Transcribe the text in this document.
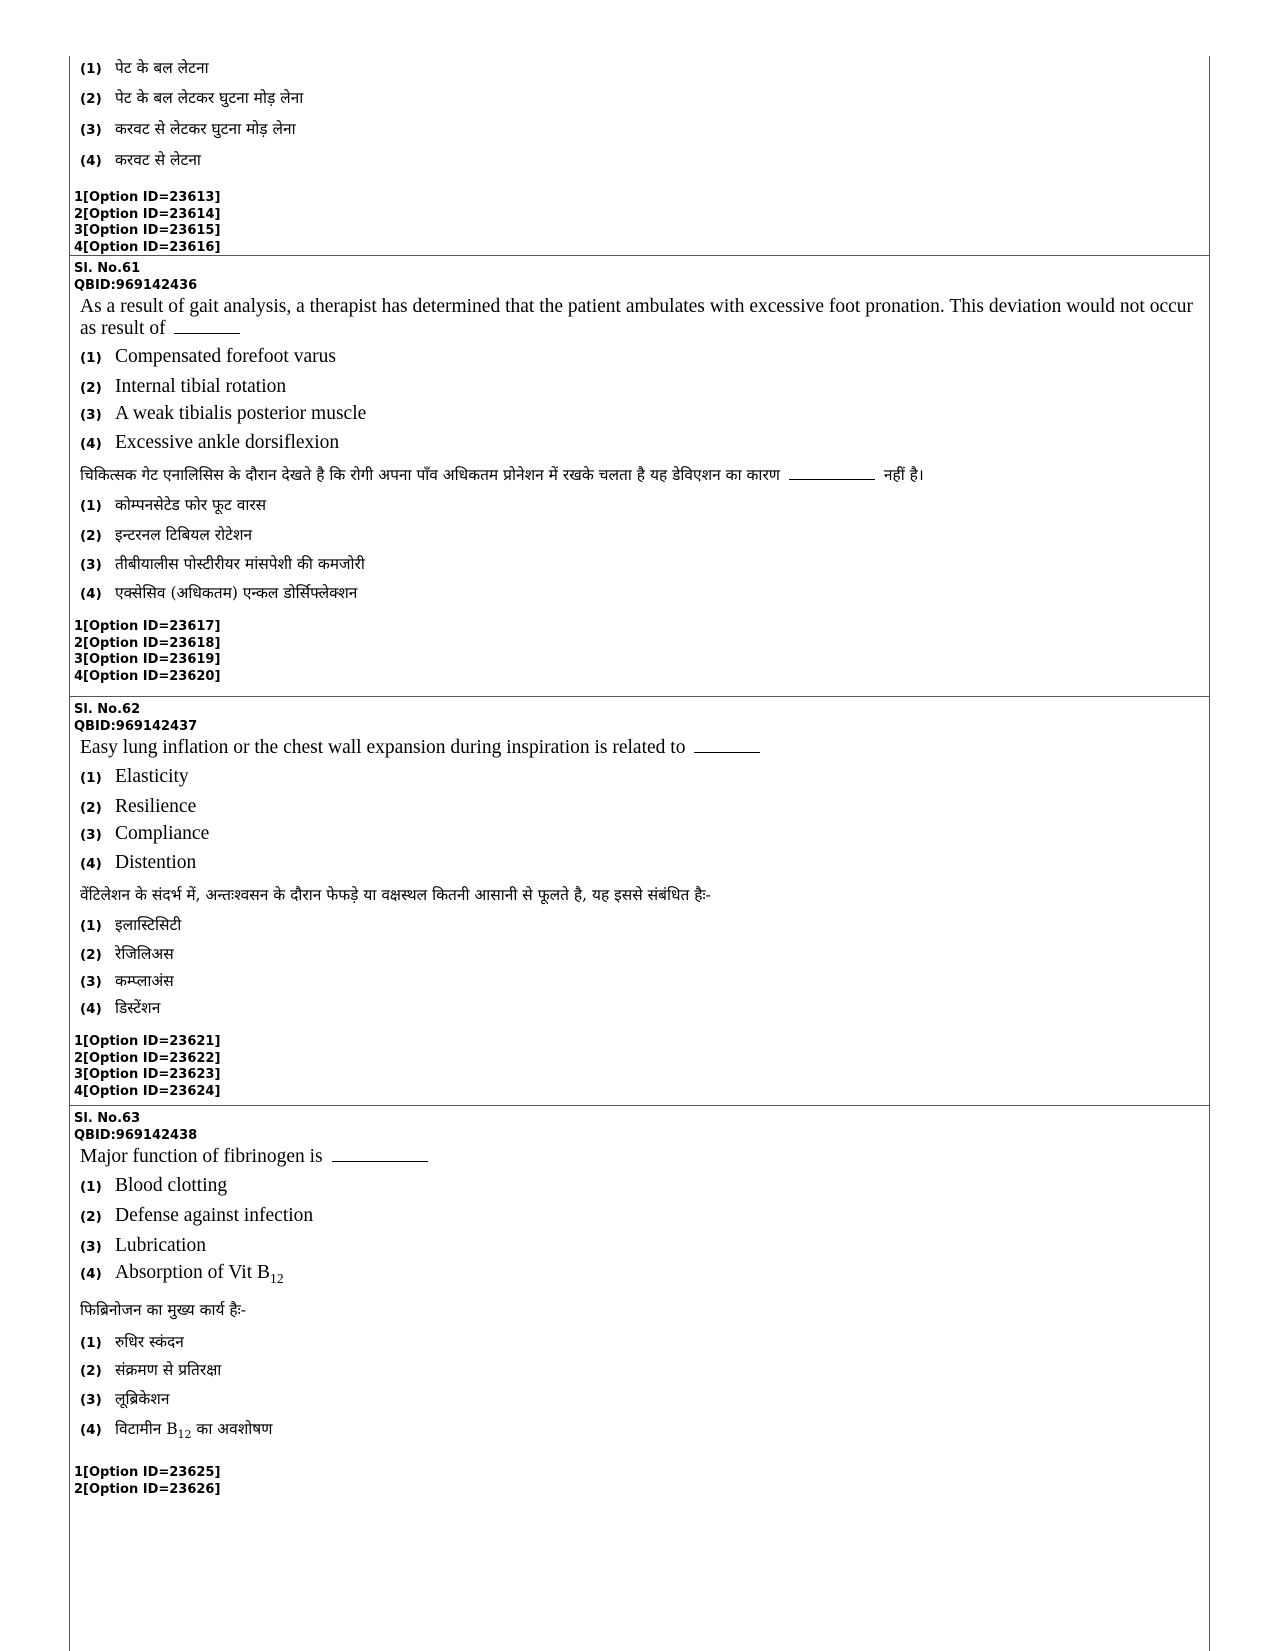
(1) पेट के बल लेटना
(2) पेट के बल लेटकर घुटना मोड़ लेना
(3) करवट से लेटकर घुटना मोड़ लेना
(4) करवट से लेटना
1[Option ID=23613]
2[Option ID=23614]
3[Option ID=23615]
4[Option ID=23616]
Sl. No.61
QBID:969142436
As a result of gait analysis, a therapist has determined that the patient ambulates with excessive foot pronation. This deviation would not occur as result of
(1) Compensated forefoot varus
(2) Internal tibial rotation
(3) A weak tibialis posterior muscle
(4) Excessive ankle dorsiflexion
चिकित्सक गेट एनालिसिस के दौरान देखते है कि रोगी अपना पाँव अधिकतम प्रोनेशन में रखके चलता है यह डेविएशन का कारण	नहीं है।
(1) कोम्पनसेटेड फोर फूट वारस
(2) इन्टरनल टिबियल रोटेशन
(3) तीबीयालीस पोस्टीरीयर मांसपेशी की कमजोरी
(4) एक्सेसिव (अधिकतम) एन्कल डोर्सिफ्लेक्शन
1[Option ID=23617]
2[Option ID=23618]
3[Option ID=23619]
4[Option ID=23620]
Sl. No.62
QBID:969142437
Easy lung inflation or the chest wall expansion during inspiration is related to
(1) Elasticity
(2) Resilience
(3) Compliance
(4) Distention
वेंटिलेशन के संदर्भ में, अन्तःश्वसन के दौरान फेफड़े या वक्षस्थल कितनी आसानी से फूलते है, यह इससे संबंधित हैः-
(1) इलास्टिसिटी
(2) रेजिलिअस
(3) कम्प्लाअंस
(4) डिस्टेंशन
1[Option ID=23621]
2[Option ID=23622]
3[Option ID=23623]
4[Option ID=23624]
Sl. No.63
QBID:969142438
Major function of fibrinogen is
(1) Blood clotting
(2) Defense against infection
(3) Lubrication
(4) Absorption of Vit $B_{12}$
फिब्रिनोजन का मुख्य कार्य हैः-
(1) रुधिर स्कंदन
(2) संक्रमण से प्रतिरक्षा
(3) लूब्रिकेशन
(4) विटामीन $B_{12}$ का अवशोषण
1[Option ID=23625]
2[Option ID=23626]
